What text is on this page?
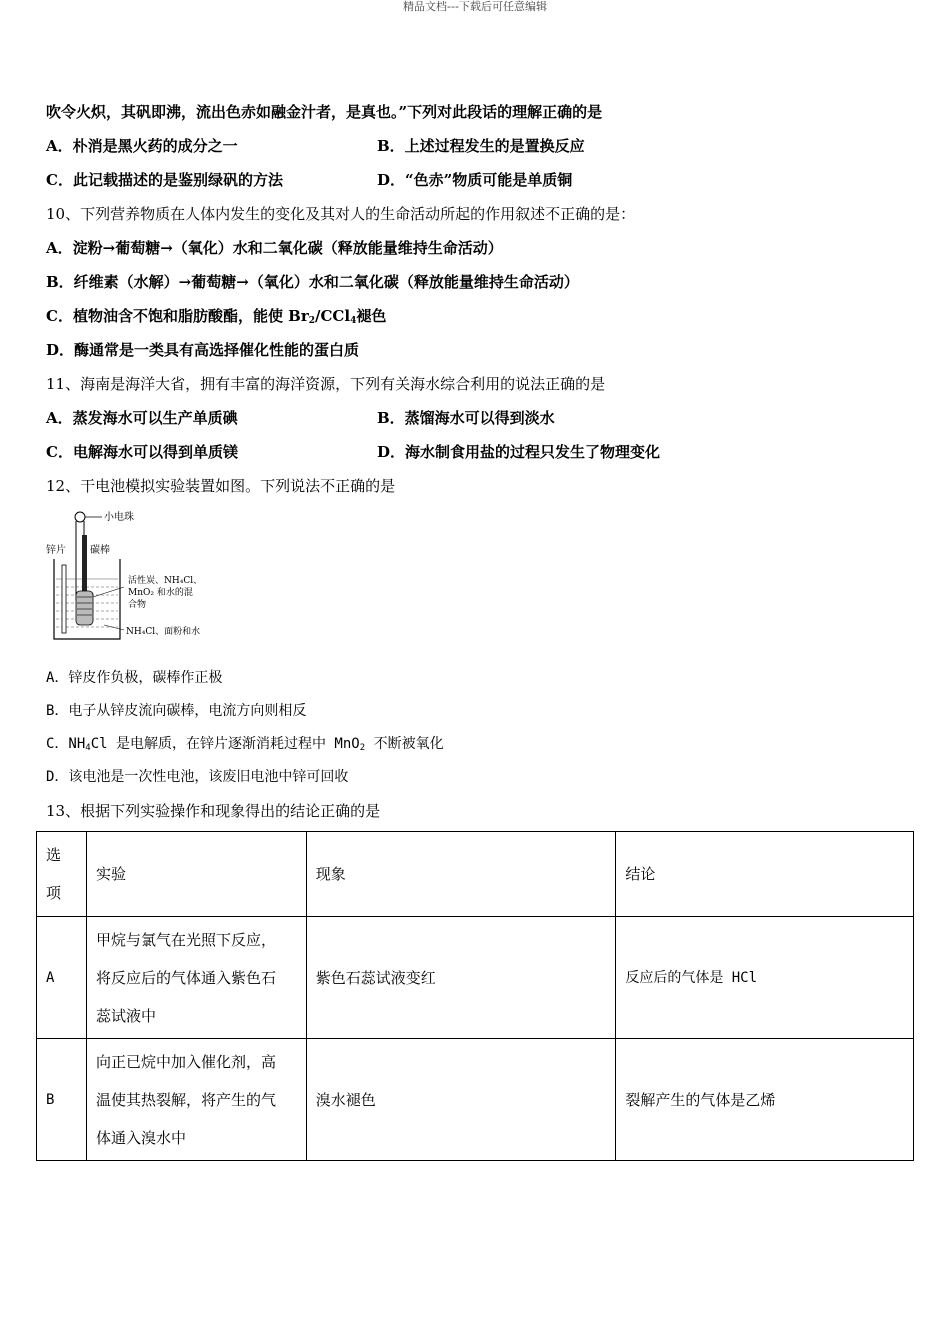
精品文档---下载后可任意编辑
吹令火炽，其矾即沸，流出色赤如融金汁者，是真也。”下列对此段话的理解正确的是
A．朴消是黑火药的成分之一	B．上述过程发生的是置换反应
C．此记载描述的是鉴别绿矾的方法	D．“色赤”物质可能是单质铜
10、下列营养物质在人体内发生的变化及其对人的生命活动所起的作用叙述不正确的是：
A．淀粉→葡萄糖→（氧化）水和二氧化碳（释放能量维持生命活动）
B．纤维素（水解）→葡萄糖→（氧化）水和二氧化碳（释放能量维持生命活动）
C．植物油含不饱和脂肪酸酯，能使 $Br_2/CCl_4$褪色
D．酶通常是一类具有高选择催化性能的蛋白质
11、海南是海洋大省，拥有丰富的海洋资源，下列有关海水综合利用的说法正确的是
A．蒸发海水可以生产单质碘	B．蒸馏海水可以得到淡水
C．电解海水可以得到单质镁	D．海水制食用盐的过程只发生了物理变化
12、干电池模拟实验装置如图。下列说法不正确的是
小电珠
锌片 碳棒
活性炭、NH₄Cl、
MnO₂ 和水的混
合物
NH₄Cl、面粉和水
A．锌皮作负极，碳棒作正极
B．电子从锌皮流向碳棒，电流方向则相反
C．$NH_4Cl$ 是电解质，在锌片逐渐消耗过程中 MnO$_2$ 不断被氧化
D．该电池是一次性电池，该废旧电池中锌可回收
13、根据下列实验操作和现象得出的结论正确的是
选
项	实验	现象	结论
A	甲烷与氯气在光照下反应，
将反应后的气体通入紫色石
蕊试液中	紫色石蕊试液变红	反应后的气体是 HCl
B	向正已烷中加入催化剂，高
温使其热裂解，将产生的气
体通入溴水中	溴水褪色	裂解产生的气体是乙烯
